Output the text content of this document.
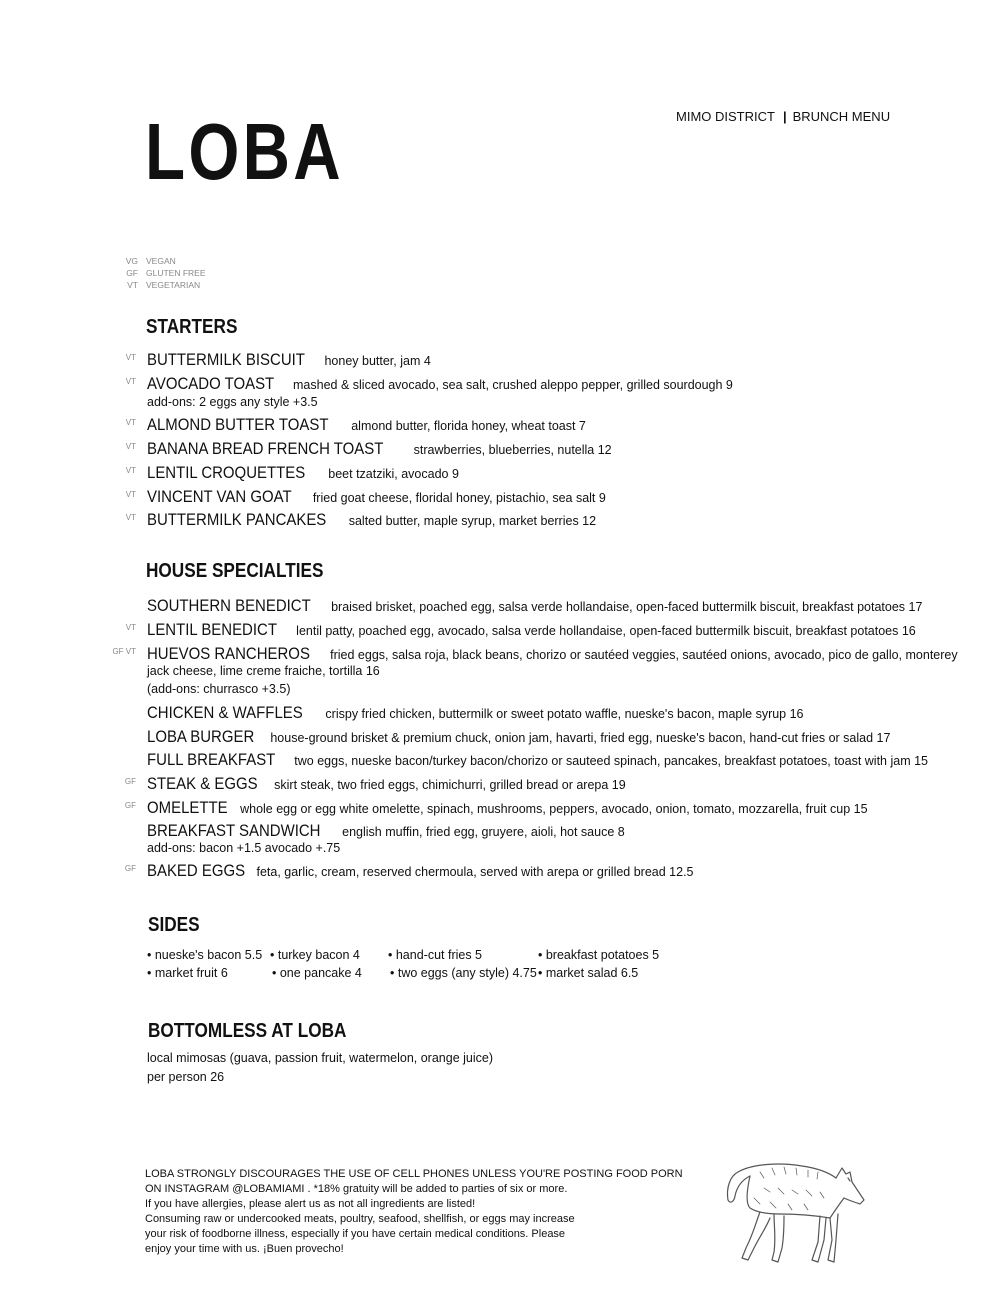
LOBA	MIMO DISTRICT | BRUNCH MENU
VG VEGAN
GF GLUTEN FREE
VT VEGETARIAN
STARTERS
VT BUTTERMILK BISCUIT honey butter, jam 4
VT AVOCADO TOAST mashed & sliced avocado, sea salt, crushed aleppo pepper, grilled sourdough 9
add-ons: 2 eggs any style +3.5
VT ALMOND BUTTER TOAST almond butter, florida honey, wheat toast 7
VT BANANA BREAD FRENCH TOAST strawberries, blueberries, nutella 12
VT LENTIL CROQUETTES beet tzatziki, avocado 9
VT VINCENT VAN GOAT fried goat cheese, floridal honey, pistachio, sea salt 9
VT BUTTERMILK PANCAKES salted butter, maple syrup, market berries 12
HOUSE SPECIALTIES
SOUTHERN BENEDICT braised brisket, poached egg, salsa verde hollandaise, open-faced buttermilk biscuit, breakfast potatoes 17
VT LENTIL BENEDICT lentil patty, poached egg, avocado, salsa verde hollandaise, open-faced buttermilk biscuit, breakfast potatoes 16
GF VT HUEVOS RANCHEROS fried eggs, salsa roja, black beans, chorizo or sautéed veggies, sautéed onions, avocado, pico de gallo, monterey
jack cheese, lime creme fraiche, tortilla 16
(add-ons: churrasco +3.5)
CHICKEN & WAFFLES crispy fried chicken, buttermilk or sweet potato waffle, nueske's bacon, maple syrup 16
LOBA BURGER house-ground brisket & premium chuck, onion jam, havarti, fried egg, nueske's bacon, hand-cut fries or salad 17
FULL BREAKFAST two eggs, nueske bacon/turkey bacon/chorizo or sauteed spinach, pancakes, breakfast potatoes, toast with jam 15
GF STEAK & EGGS skirt steak, two fried eggs, chimichurri, grilled bread or arepa 19
GF OMELETTE whole egg or egg white omelette, spinach, mushrooms, peppers, avocado, onion, tomato, mozzarella, fruit cup 15
BREAKFAST SANDWICH english muffin, fried egg, gruyere, aioli, hot sauce 8
add-ons: bacon +1.5 avocado +.75
GF BAKED EGGS feta, garlic, cream, reserved chermoula, served with arepa or grilled bread 12.5
SIDES
• nueske's bacon 5.5 • turkey bacon 4 • hand-cut fries 5	• breakfast potatoes 5
• market fruit 6	• one pancake 4 • two eggs (any style) 4.75 • market salad 6.5
BOTTOMLESS AT LOBA
local mimosas (guava, passion fruit, watermelon, orange juice)
per person 26
LOBA STRONGLY DISCOURAGES THE USE OF CELL PHONES UNLESS YOU'RE POSTING FOOD PORN
ON INSTAGRAM @LOBAMIAMI . *18% gratuity will be added to parties of six or more.
If you have allergies, please alert us as not all ingredients are listed!
Consuming raw or undercooked meats, poultry, seafood, shellfish, or eggs may increase
your risk of foodborne illness, especially if you have certain medical conditions. Please
enjoy your time with us. ¡Buen provecho!
